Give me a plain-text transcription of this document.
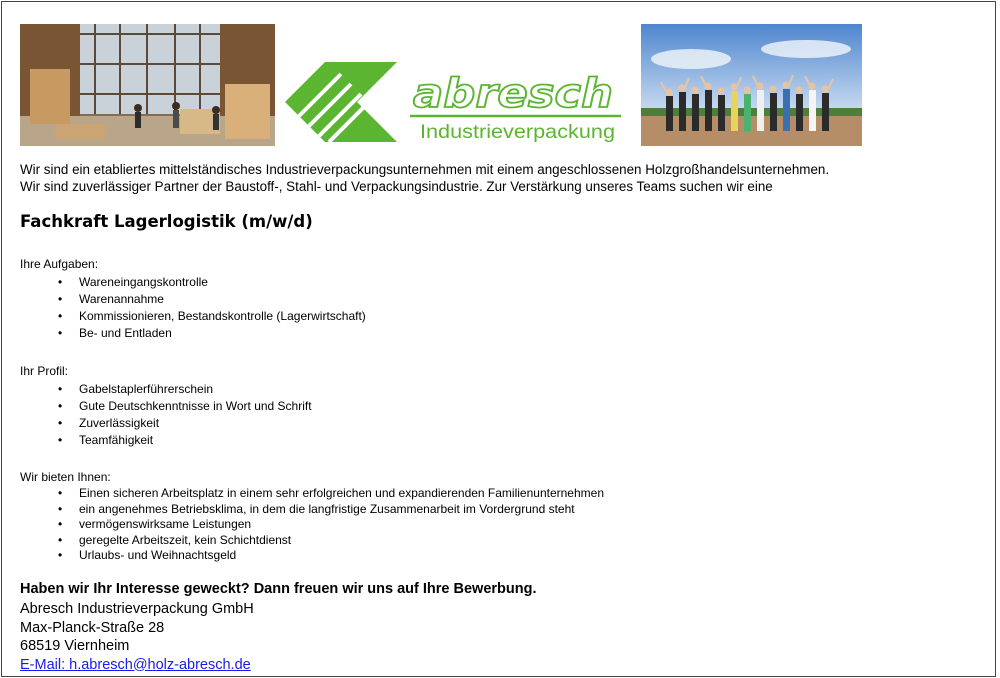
abresch
Industrieverpackung
Wir sind ein etabliertes mittelständisches Industrieverpackungsunternehmen mit einem angeschlossenen Holzgroßhandelsunternehmen.
Wir sind zuverlässiger Partner der Baustoff-, Stahl- und Verpackungsindustrie. Zur Verstärkung unseres Teams suchen wir eine
Fachkraft Lagerlogistik (m/w/d)
Ihre Aufgaben:
• Wareneingangskontrolle
• Warenannahme
• Kommissionieren, Bestandskontrolle (Lagerwirtschaft)
• Be- und Entladen
Ihr Profil:
• Gabelstaplerführerschein
• Gute Deutschkenntnisse in Wort und Schrift
• Zuverlässigkeit
• Teamfähigkeit
Wir bieten Ihnen:
• Einen sicheren Arbeitsplatz in einem sehr erfolgreichen und expandierenden Familienunternehmen
• ein angenehmes Betriebsklima, in dem die langfristige Zusammenarbeit im Vordergrund steht
• vermögenswirksame Leistungen
• geregelte Arbeitszeit, kein Schichtdienst
• Urlaubs- und Weihnachtsgeld
Haben wir Ihr Interesse geweckt? Dann freuen wir uns auf Ihre Bewerbung.
Abresch Industrieverpackung GmbH
Max-Planck-Straße 28
68519 Viernheim
E-Mail: h.abresch@holz-abresch.de
